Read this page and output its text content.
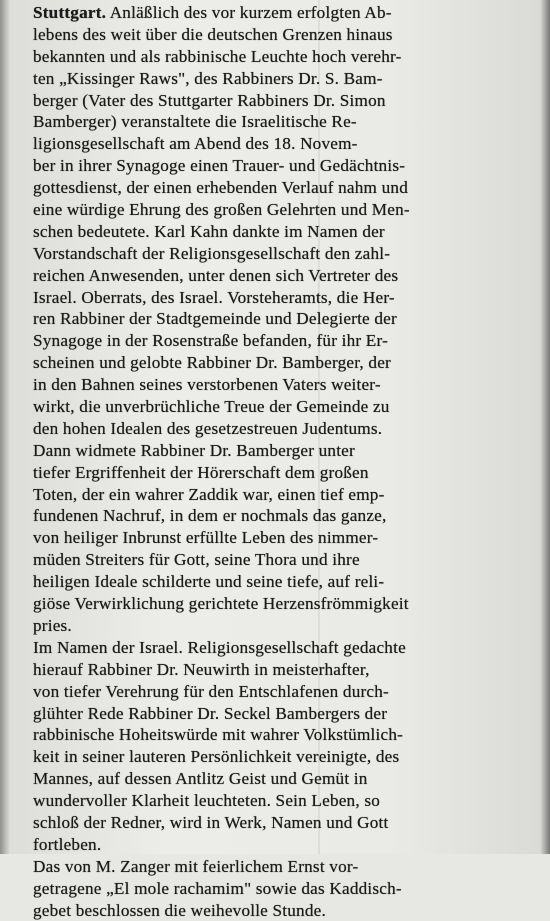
Stuttgart. Anläßlich des vor kurzem erfolgten Ab-
lebens des weit über die deutschen Grenzen hinaus
bekannten und als rabbinische Leuchte hoch verehr-
ten „Kissinger Raws", des Rabbiners Dr. S. Bam-
berger (Vater des Stuttgarter Rabbiners Dr. Simon
Bamberger) veranstaltete die Israelitische Re-
ligionsgesellschaft am Abend des 18. Novem-
ber in ihrer Synagoge einen Trauer- und Gedächtnis-
gottesdienst, der einen erhebenden Verlauf nahm und
eine würdige Ehrung des großen Gelehrten und Men-
schen bedeutete. Karl Kahn dankte im Namen der
Vorstandschaft der Religionsgesellschaft den zahl-
reichen Anwesenden, unter denen sich Vertreter des
Israel. Oberrats, des Israel. Vorsteheramts, die Her-
ren Rabbiner der Stadtgemeinde und Delegierte der
Synagoge in der Rosenstraße befanden, für ihr Er-
scheinen und gelobte Rabbiner Dr. Bamberger, der
in den Bahnen seines verstorbenen Vaters weiter-
wirkt, die unverbrüchliche Treue der Gemeinde zu
den hohen Idealen des gesetzestreuen Judentums.
Dann widmete Rabbiner Dr. Bamberger unter
tiefer Ergriffenheit der Hörerschaft dem großen
Toten, der ein wahrer Zaddik war, einen tief emp-
fundenen Nachruf, in dem er nochmals das ganze,
von heiliger Inbrunst erfüllte Leben des nimmer-
müden Streiters für Gott, seine Thora und ihre
heiligen Ideale schilderte und seine tiefe, auf reli-
giöse Verwirklichung gerichtete Herzensfrömmigkeit
pries.
Im Namen der Israel. Religionsgesellschaft gedachte
hierauf Rabbiner Dr. Neuwirth in meisterhafter,
von tiefer Verehrung für den Entschlafenen durch-
glühter Rede Rabbiner Dr. Seckel Bambergers der
rabbinische Hoheitswürde mit wahrer Volkstümlich-
keit in seiner lauteren Persönlichkeit vereinigte, des
Mannes, auf dessen Antlitz Geist und Gemüt in
wundervoller Klarheit leuchteten. Sein Leben, so
schloß der Redner, wird in Werk, Namen und Gott
fortleben.
Das von M. Zanger mit feierlichem Ernst vor-
getragene „El mole rachamim" sowie das Kaddisch-
gebet beschlossen die weihevolle Stunde.
